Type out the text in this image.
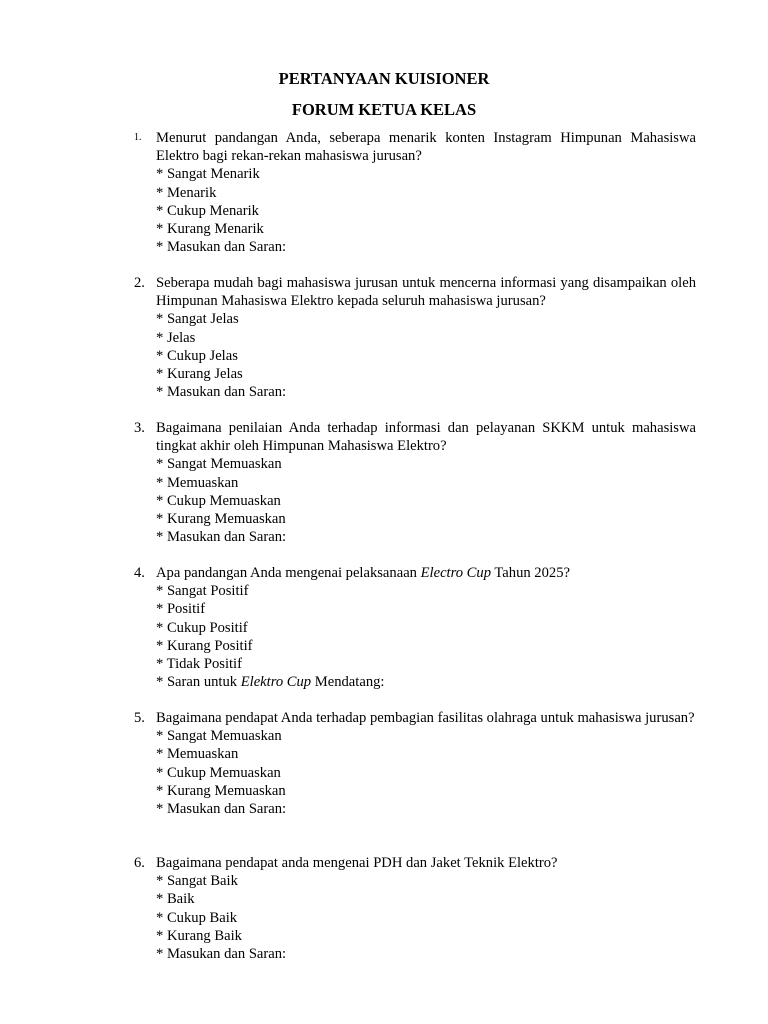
PERTANYAAN KUISIONER
FORUM KETUA KELAS
1. Menurut pandangan Anda, seberapa menarik konten Instagram Himpunan Mahasiswa Elektro bagi rekan-rekan mahasiswa jurusan?

* Sangat Menarik
* Menarik
* Cukup Menarik
* Kurang Menarik
* Masukan dan Saran:
2. Seberapa mudah bagi mahasiswa jurusan untuk mencerna informasi yang disampaikan oleh Himpunan Mahasiswa Elektro kepada seluruh mahasiswa jurusan?

* Sangat Jelas
* Jelas
* Cukup Jelas
* Kurang Jelas
* Masukan dan Saran:
3. Bagaimana penilaian Anda terhadap informasi dan pelayanan SKKM untuk mahasiswa tingkat akhir oleh Himpunan Mahasiswa Elektro?

* Sangat Memuaskan
* Memuaskan
* Cukup Memuaskan
* Kurang Memuaskan
* Masukan dan Saran:
4. Apa pandangan Anda mengenai pelaksanaan Electro Cup Tahun 2025?

* Sangat Positif
* Positif
* Cukup Positif
* Kurang Positif
* Tidak Positif
* Saran untuk Elektro Cup Mendatang:
5. Bagaimana pendapat Anda terhadap pembagian fasilitas olahraga untuk mahasiswa jurusan?

* Sangat Memuaskan
* Memuaskan
* Cukup Memuaskan
* Kurang Memuaskan
* Masukan dan Saran:
6. Bagaimana pendapat anda mengenai PDH dan Jaket Teknik Elektro?

* Sangat Baik
* Baik
* Cukup Baik
* Kurang Baik
* Masukan dan Saran:
